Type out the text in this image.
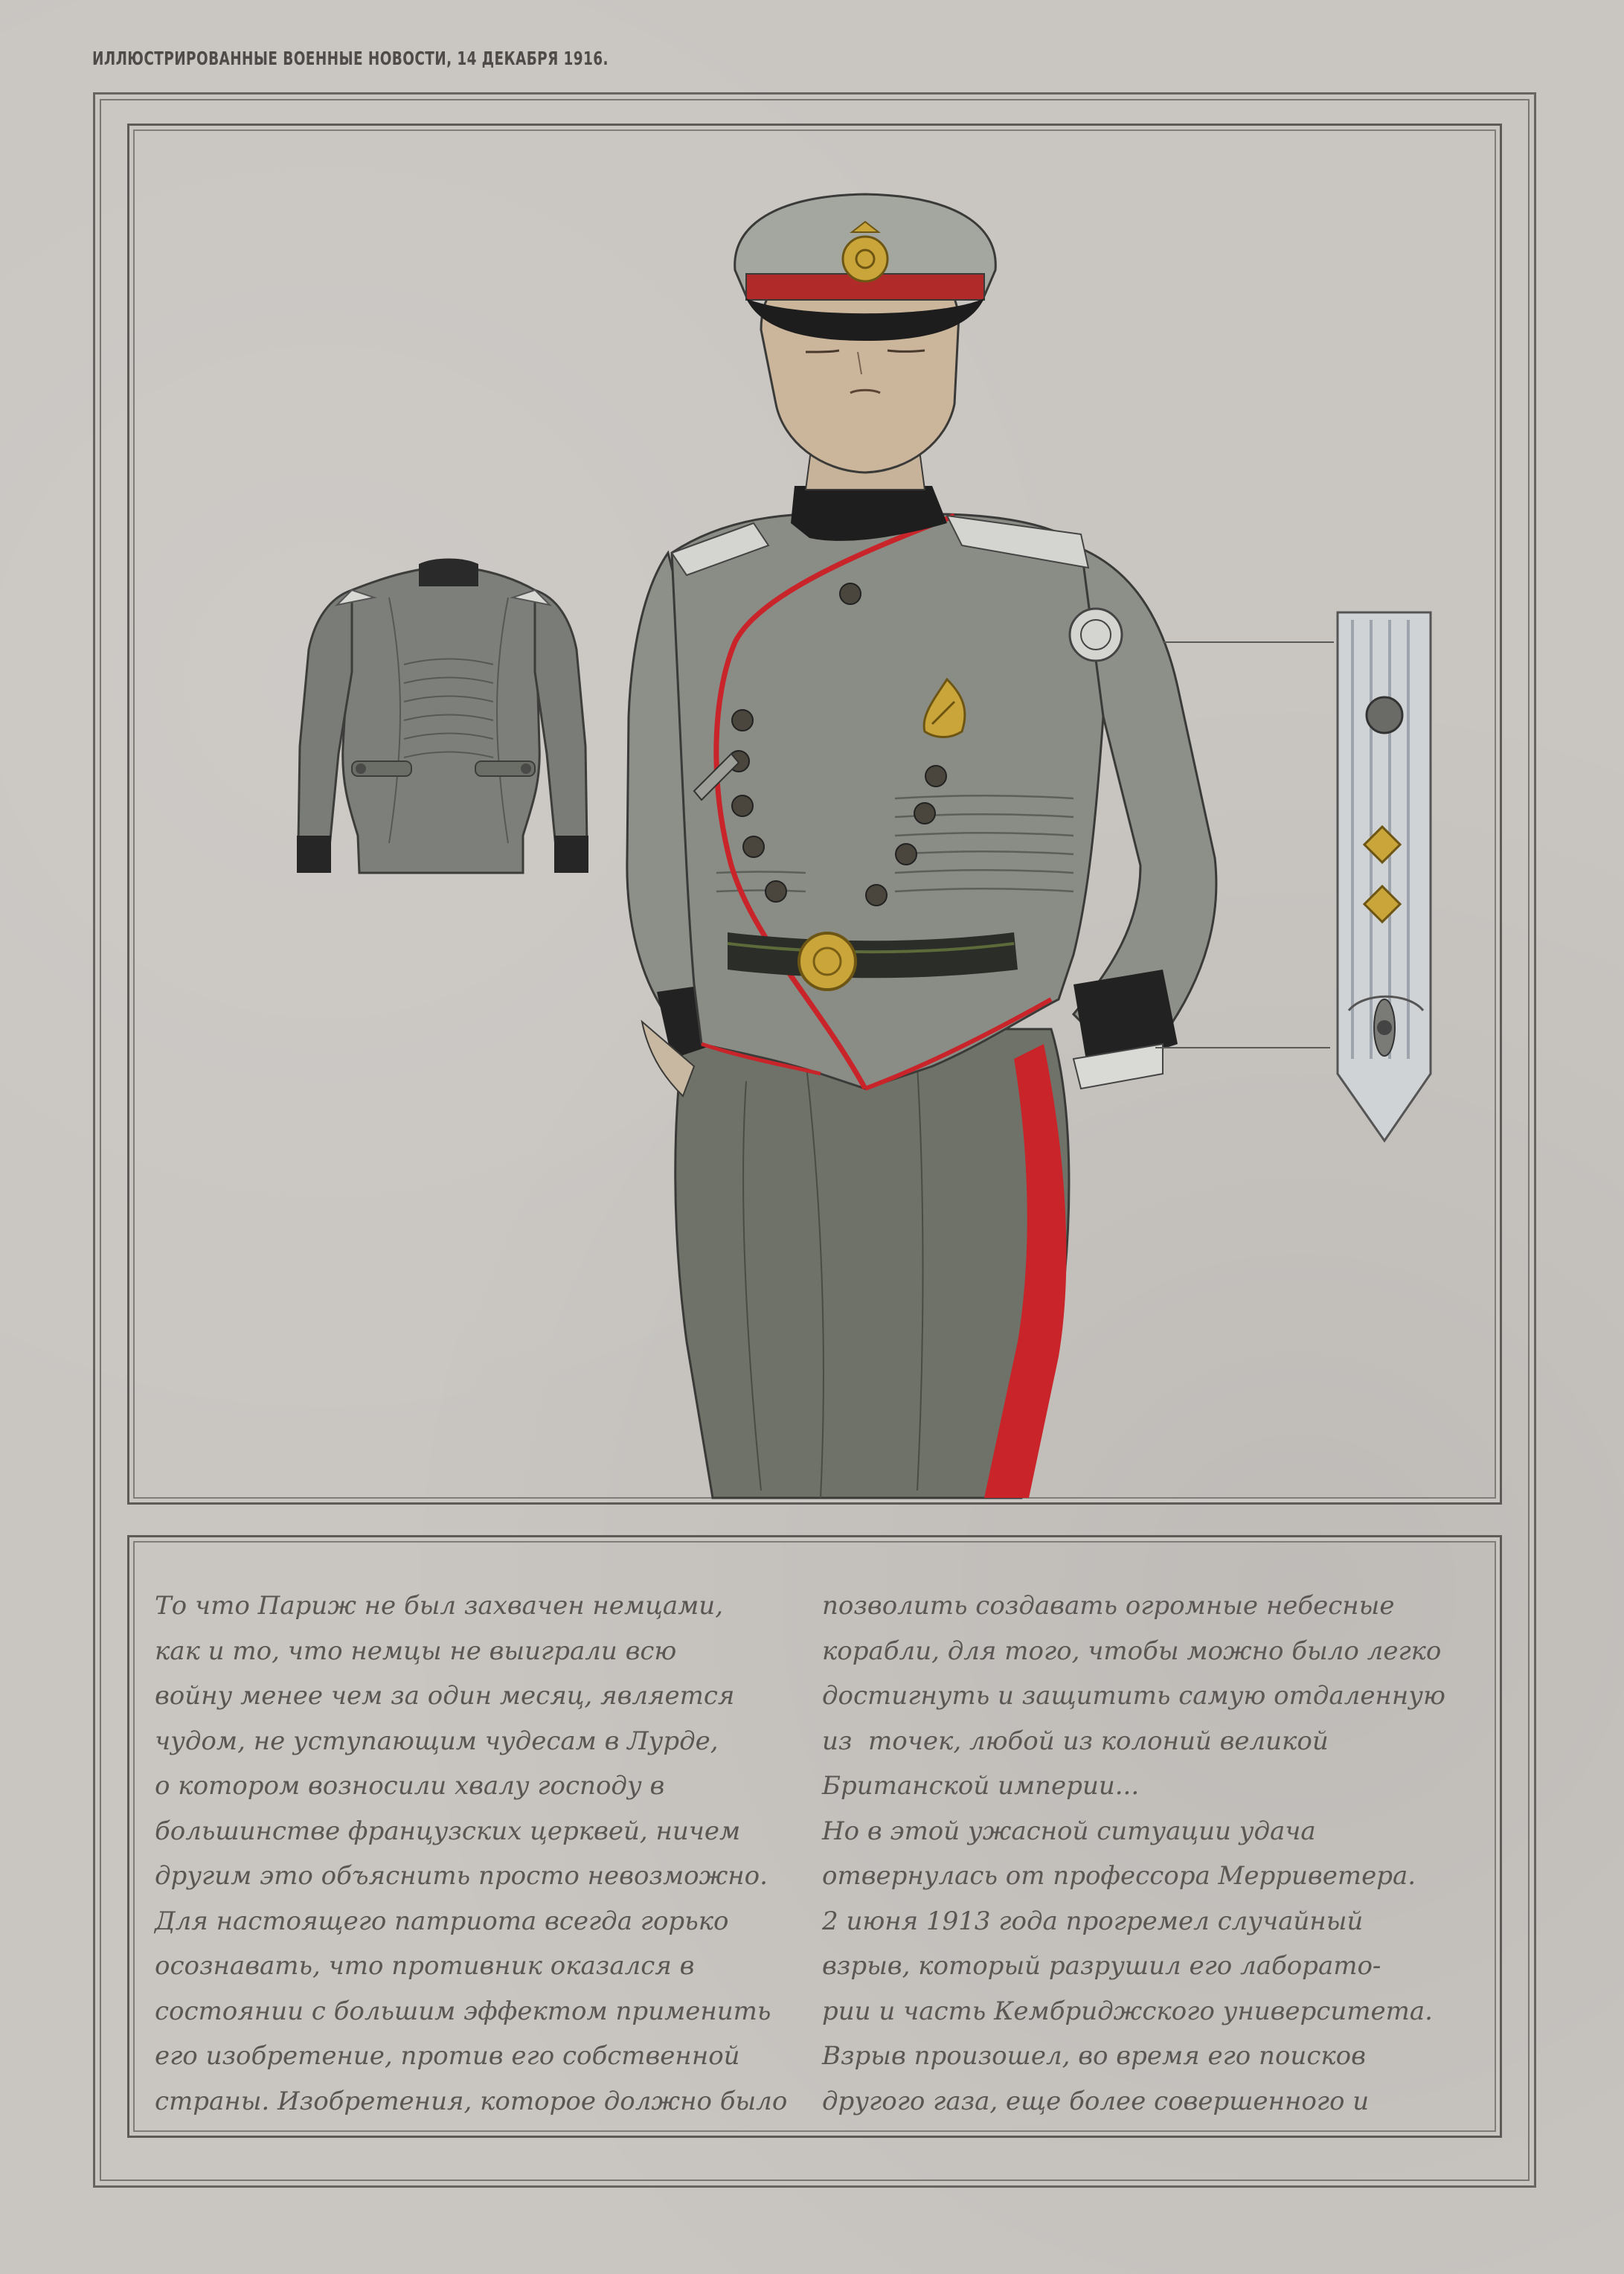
ИЛЛЮСТРИРОВАННЫЕ ВОЕННЫЕ НОВОСТИ, 14 ДЕКАБРЯ 1916.
То что Париж не был захвачен немцами,
как и то, что немцы не выиграли всю
войну менее чем за один месяц, является
чудом, не уступающим чудесам в Лурде,
о котором возносили хвалу господу в
большинстве французских церквей, ничем
другим это объяснить просто невозможно.
Для настоящего патриота всегда горько
осознавать, что противник оказался в
состоянии с большим эффектом применить
его изобретение, против его собственной
страны. Изобретения, которое должно было
позволить создавать огромные небесные
корабли, для того, чтобы можно было легко
достигнуть и защитить самую отдаленную
из  точек, любой из колоний великой
Британской империи...
Но в этой ужасной ситуации удача
отвернулась от профессора Мерриветера.
2 июня 1913 года прогремел случайный
взрыв, который разрушил его лаборато-
рии и часть Кембриджского университета.
Взрыв произошел, во время его поисков
другого газа, еще более совершенного и
